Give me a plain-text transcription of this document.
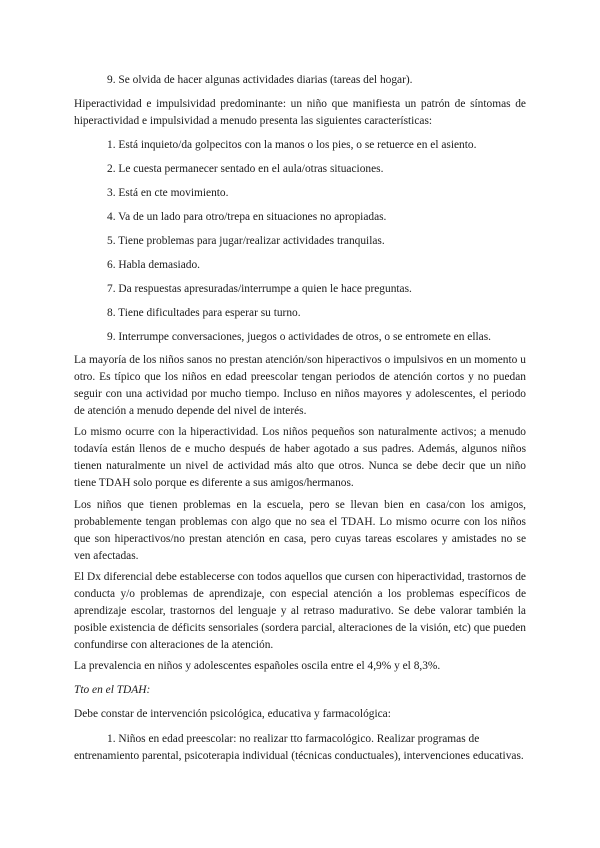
9. Se olvida de hacer algunas actividades diarias (tareas del hogar).
Hiperactividad e impulsividad predominante: un niño que manifiesta un patrón de síntomas de hiperactividad e impulsividad a menudo presenta las siguientes características:
1. Está inquieto/da golpecitos con la manos o los pies, o se retuerce en el asiento.
2. Le cuesta permanecer sentado en el aula/otras situaciones.
3. Está en cte movimiento.
4. Va de un lado para otro/trepa en situaciones no apropiadas.
5. Tiene problemas para jugar/realizar actividades tranquilas.
6. Habla demasiado.
7. Da respuestas apresuradas/interrumpe a quien le hace preguntas.
8. Tiene dificultades para esperar su turno.
9. Interrumpe conversaciones, juegos o actividades de otros, o se entromete en ellas.
La mayoría de los niños sanos no prestan atención/son hiperactivos o impulsivos en un momento u otro. Es típico que los niños en edad preescolar tengan periodos de atención cortos y no puedan seguir con una actividad por mucho tiempo. Incluso en niños mayores y adolescentes, el periodo de atención a menudo depende del nivel de interés.
Lo mismo ocurre con la hiperactividad. Los niños pequeños son naturalmente activos; a menudo todavía están llenos de e mucho después de haber agotado a sus padres. Además, algunos niños tienen naturalmente un nivel de actividad más alto que otros. Nunca se debe decir que un niño tiene TDAH solo porque es diferente a sus amigos/hermanos.
Los niños que tienen problemas en la escuela, pero se llevan bien en casa/con los amigos, probablemente tengan problemas con algo que no sea el TDAH. Lo mismo ocurre con los niños que son hiperactivos/no prestan atención en casa, pero cuyas tareas escolares y amistades no se ven afectadas.
El Dx diferencial debe establecerse con todos aquellos que cursen con hiperactividad, trastornos de conducta y/o problemas de aprendizaje, con especial atención a los problemas específicos de aprendizaje escolar, trastornos del lenguaje y al retraso madurativo. Se debe valorar también la posible existencia de déficits sensoriales (sordera parcial, alteraciones de la visión, etc) que pueden confundirse con alteraciones de la atención.
La prevalencia en niños y adolescentes españoles oscila entre el 4,9% y el 8,3%.
Tto en el TDAH:
Debe constar de intervención psicológica, educativa y farmacológica:
1. Niños en edad preescolar: no realizar tto farmacológico. Realizar programas de
entrenamiento parental, psicoterapia individual (técnicas conductuales), intervenciones educativas.
